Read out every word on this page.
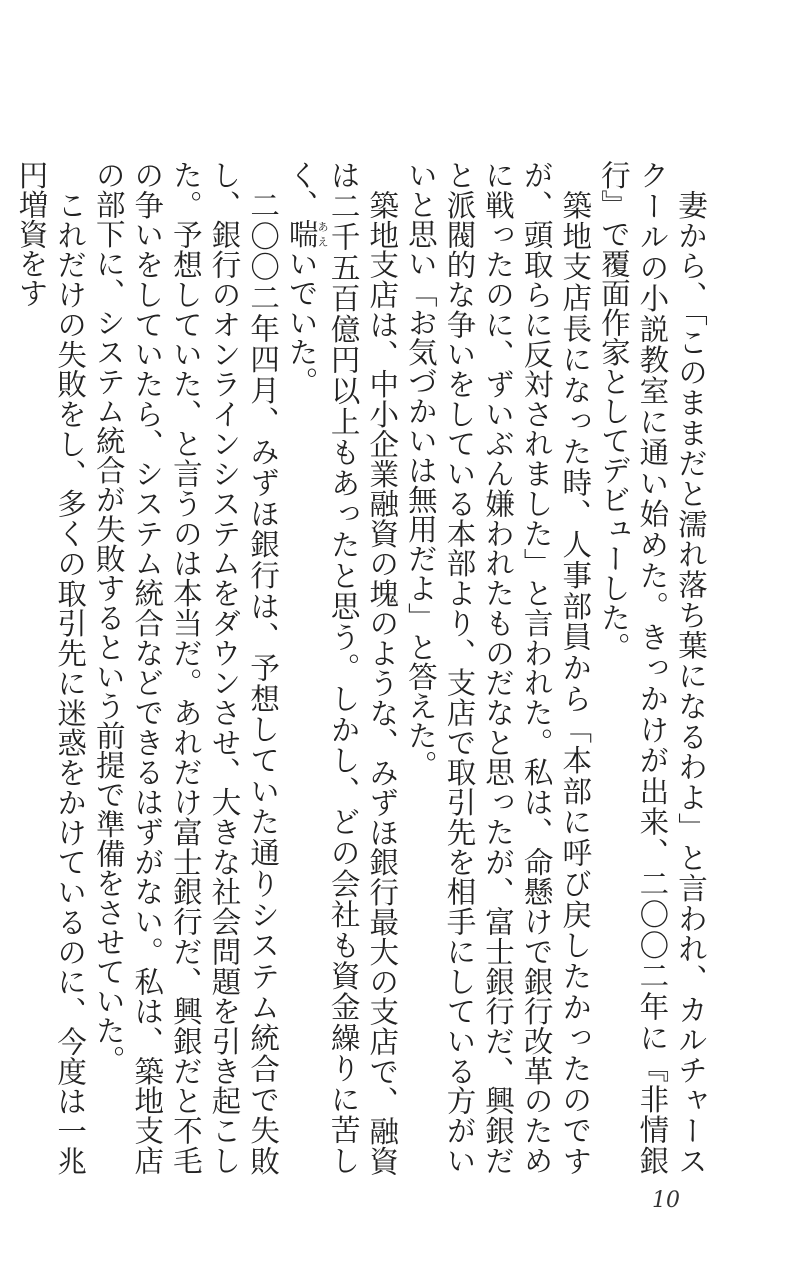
妻から、「このままだと濡れ落ち葉になるわよ」と言われ、カルチャースクールの小説教室に通い始めた。きっかけが出来、二〇〇二年に『非情銀行』で覆面作家としてデビューした。

築地支店長になった時、人事部員から「本部に呼び戻したかったのですが、頭取らに反対されました」と言われた。私は、命懸けで銀行改革のために戦ったのに、ずいぶん嫌われたものだなと思ったが、富士銀行だ、興銀だと派閥的な争いをしている本部より、支店で取引先を相手にしている方がいいと思い「お気づかいは無用だよ」と答えた。

築地支店は、中小企業融資の塊のような、みずほ銀行最大の支店で、融資は二千五百億円以上もあったと思う。しかし、どの会社も資金繰りに苦しく、喘あえいでいた。

二〇〇二年四月、みずほ銀行は、予想していた通りシステム統合で失敗し、銀行のオンラインシステムをダウンさせ、大きな社会問題を引き起こした。予想していた、と言うのは本当だ。あれだけ富士銀行だ、興銀だと不毛の争いをしていたら、システム統合などできるはずがない。私は、築地支店の部下に、システム統合が失敗するという前提で準備をさせていた。

これだけの失敗をし、多くの取引先に迷惑をかけているのに、今度は一兆円増資をす

10
